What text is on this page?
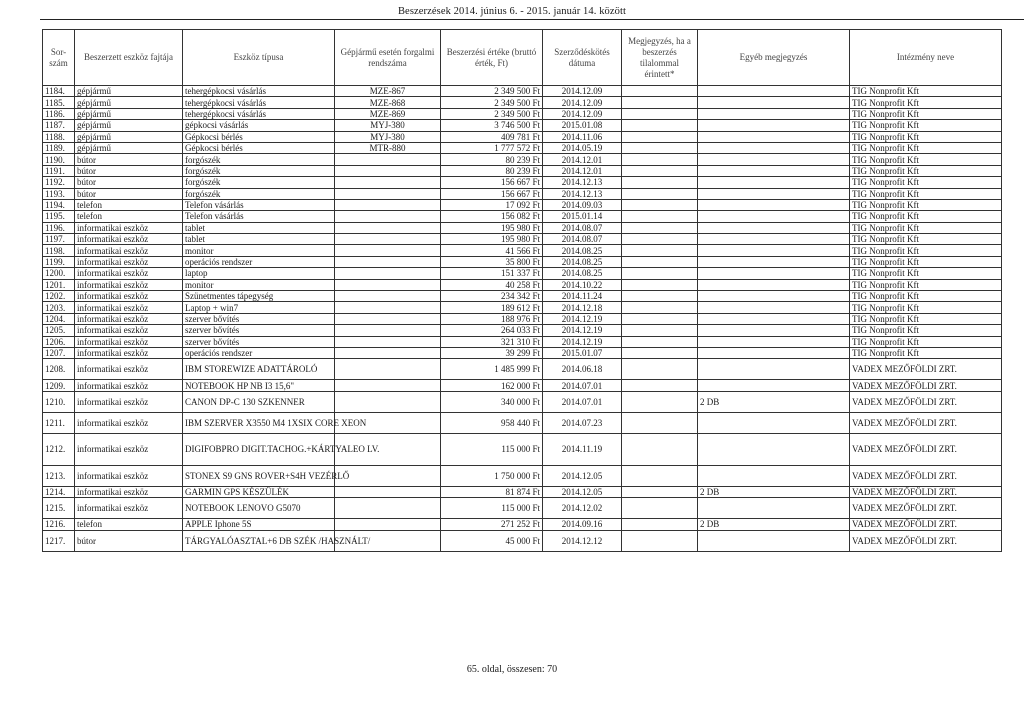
Beszerzések 2014. június 6. - 2015. január 14. között
Sor-
szám	Beszerzett eszköz fajtája	Eszköz típusa	Gépjármű esetén forgalmi rendszáma	Beszerzési értéke (bruttó érték, Ft)	Szerződéskötés dátuma	Megjegyzés, ha a beszerzés tilalommal érintett*	Egyéb megjegyzés	Intézmény neve
1184.	gépjármű	tehergépkocsi vásárlás	MZE-867	2 349 500 Ft	2014.12.09			TIG Nonprofit Kft
1185.	gépjármű	tehergépkocsi vásárlás	MZE-868	2 349 500 Ft	2014.12.09			TIG Nonprofit Kft
1186.	gépjármű	tehergépkocsi vásárlás	MZE-869	2 349 500 Ft	2014.12.09			TIG Nonprofit Kft
1187.	gépjármű	gépkocsi vásárlás	MYJ-380	3 746 500 Ft	2015.01.08			TIG Nonprofit Kft
1188.	gépjármű	Gépkocsi bérlés	MYJ-380	409 781 Ft	2014.11.06			TIG Nonprofit Kft
1189.	gépjármű	Gépkocsi bérlés	MTR-880	1 777 572 Ft	2014.05.19			TIG Nonprofit Kft
1190.	bútor	forgószék		80 239 Ft	2014.12.01			TIG Nonprofit Kft
1191.	bútor	forgószék		80 239 Ft	2014.12.01			TIG Nonprofit Kft
1192.	bútor	forgószék		156 667 Ft	2014.12.13			TIG Nonprofit Kft
1193.	bútor	forgószék		156 667 Ft	2014.12.13			TIG Nonprofit Kft
1194.	telefon	Telefon vásárlás		17 092 Ft	2014.09.03			TIG Nonprofit Kft
1195.	telefon	Telefon vásárlás		156 082 Ft	2015.01.14			TIG Nonprofit Kft
1196.	informatikai eszköz	tablet		195 980 Ft	2014.08.07			TIG Nonprofit Kft
1197.	informatikai eszköz	tablet		195 980 Ft	2014.08.07			TIG Nonprofit Kft
1198.	informatikai eszköz	monitor		41 566 Ft	2014.08.25			TIG Nonprofit Kft
1199.	informatikai eszköz	operációs rendszer		35 800 Ft	2014.08.25			TIG Nonprofit Kft
1200.	informatikai eszköz	laptop		151 337 Ft	2014.08.25			TIG Nonprofit Kft
1201.	informatikai eszköz	monitor		40 258 Ft	2014.10.22			TIG Nonprofit Kft
1202.	informatikai eszköz	Szünetmentes tápegység		234 342 Ft	2014.11.24			TIG Nonprofit Kft
1203.	informatikai eszköz	Laptop + win7		189 612 Ft	2014.12.18			TIG Nonprofit Kft
1204.	informatikai eszköz	szerver bővítés		188 976 Ft	2014.12.19			TIG Nonprofit Kft
1205.	informatikai eszköz	szerver bővítés		264 033 Ft	2014.12.19			TIG Nonprofit Kft
1206.	informatikai eszköz	szerver bővítés		321 310 Ft	2014.12.19			TIG Nonprofit Kft
1207.	informatikai eszköz	operációs rendszer		39 299 Ft	2015.01.07			TIG Nonprofit Kft
1208.	informatikai eszköz	IBM STOREWIZE ADATTÁROLÓ		1 485 999 Ft	2014.06.18			VADEX MEZŐFÖLDI ZRT.
1209.	informatikai eszköz	NOTEBOOK HP NB I3 15,6"		162 000 Ft	2014.07.01			VADEX MEZŐFÖLDI ZRT.
1210.	informatikai eszköz	CANON DP-C 130 SZKENNER		340 000 Ft	2014.07.01		2 DB	VADEX MEZŐFÖLDI ZRT.
1211.	informatikai eszköz	IBM SZERVER X3550 M4 1XSIX CORE XEON		958 440 Ft	2014.07.23			VADEX MEZŐFÖLDI ZRT.
1212.	informatikai eszköz	DIGIFOBPRO DIGIT.TACHOG.+KÁRTYALEO LV.		115 000 Ft	2014.11.19			VADEX MEZŐFÖLDI ZRT.
1213.	informatikai eszköz	STONEX S9 GNS ROVER+S4H VEZÉRLŐ		1 750 000 Ft	2014.12.05			VADEX MEZŐFÖLDI ZRT.
1214.	informatikai eszköz	GARMIN GPS KÉSZÜLÉK		81 874 Ft	2014.12.05		2 DB	VADEX MEZŐFÖLDI ZRT.
1215.	informatikai eszköz	NOTEBOOK LENOVO G5070		115 000 Ft	2014.12.02			VADEX MEZŐFÖLDI ZRT.
1216.	telefon	APPLE Iphone 5S		271 252 Ft	2014.09.16		2 DB	VADEX MEZŐFÖLDI ZRT.
1217.	bútor	TÁRGYALÓASZTAL+6 DB SZÉK /HASZNÁLT/		45 000 Ft	2014.12.12			VADEX MEZŐFÖLDI ZRT.
65. oldal, összesen: 70
